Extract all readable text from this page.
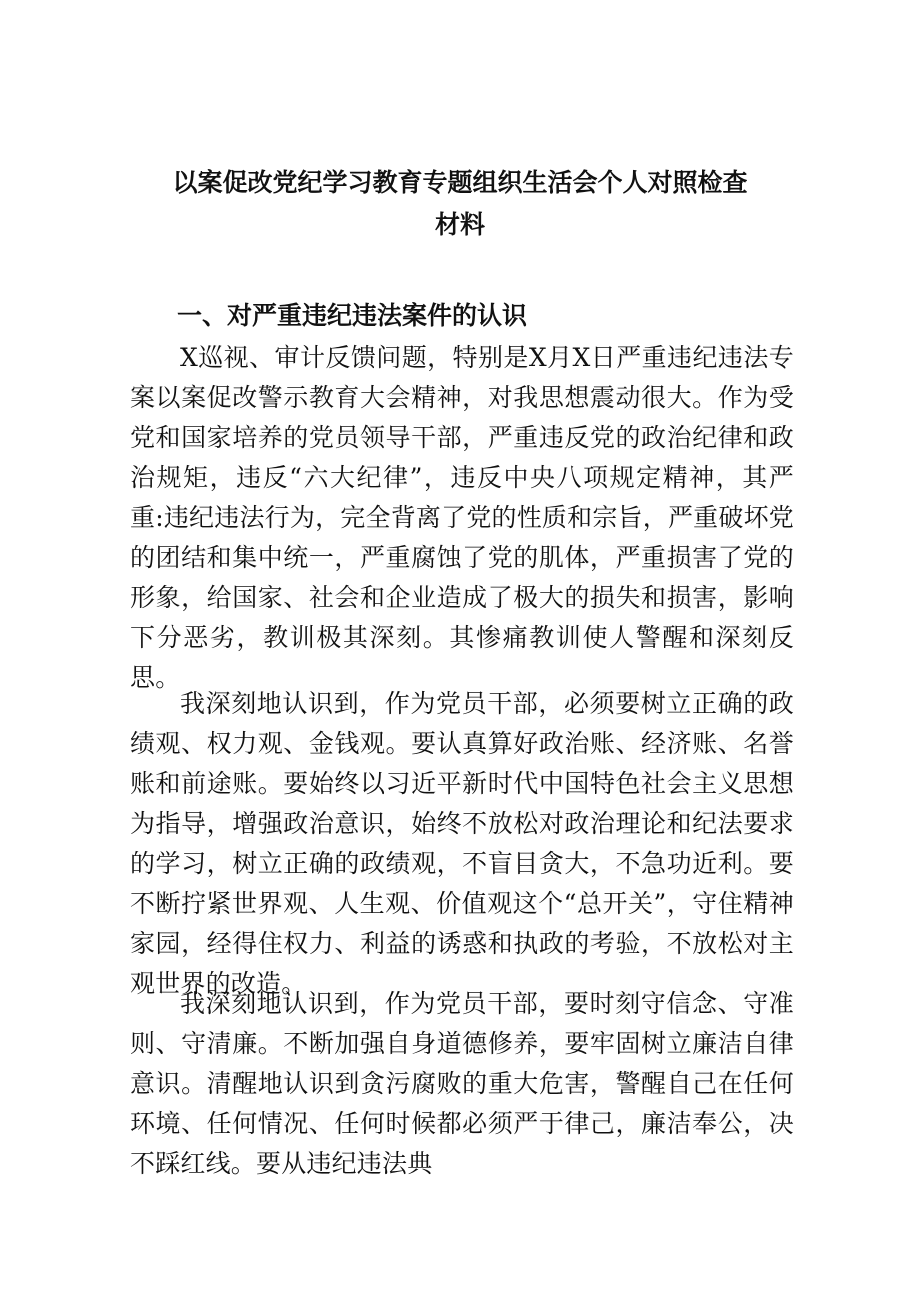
以案促改党纪学习教育专题组织生活会个人对照检查
材料
一、对严重违纪违法案件的认识
X巡视、审计反馈问题，特别是X月X日严重违纪违法专案以案促改警示教育大会精神，对我思想震动很大。作为受党和国家培养的党员领导干部，严重违反党的政治纪律和政治规矩，违反“六大纪律”，违反中央八项规定精神，其严重:违纪违法行为，完全背离了党的性质和宗旨，严重破坏党的团结和集中统一，严重腐蚀了党的肌体，严重损害了党的形象，给国家、社会和企业造成了极大的损失和损害，影响下分恶劣，教训极其深刻。其惨痛教训使人警醒和深刻反思。
我深刻地认识到，作为党员干部，必须要树立正确的政绩观、权力观、金钱观。要认真算好政治账、经济账、名誉账和前途账。要始终以习近平新时代中国特色社会主义思想为指导，增强政治意识，始终不放松对政治理论和纪法要求的学习，树立正确的政绩观，不盲目贪大，不急功近利。要不断拧紧世界观、人生观、价值观这个“总开关”，守住精神家园，经得住权力、利益的诱惑和执政的考验，不放松对主观世界的改造。
我深刻地认识到，作为党员干部，要时刻守信念、守准则、守清廉。不断加强自身道德修养，要牢固树立廉洁自律意识。清醒地认识到贪污腐败的重大危害，警醒自己在任何环境、任何情况、任何时候都必须严于律己，廉洁奉公，决不踩红线。要从违纪违法典
